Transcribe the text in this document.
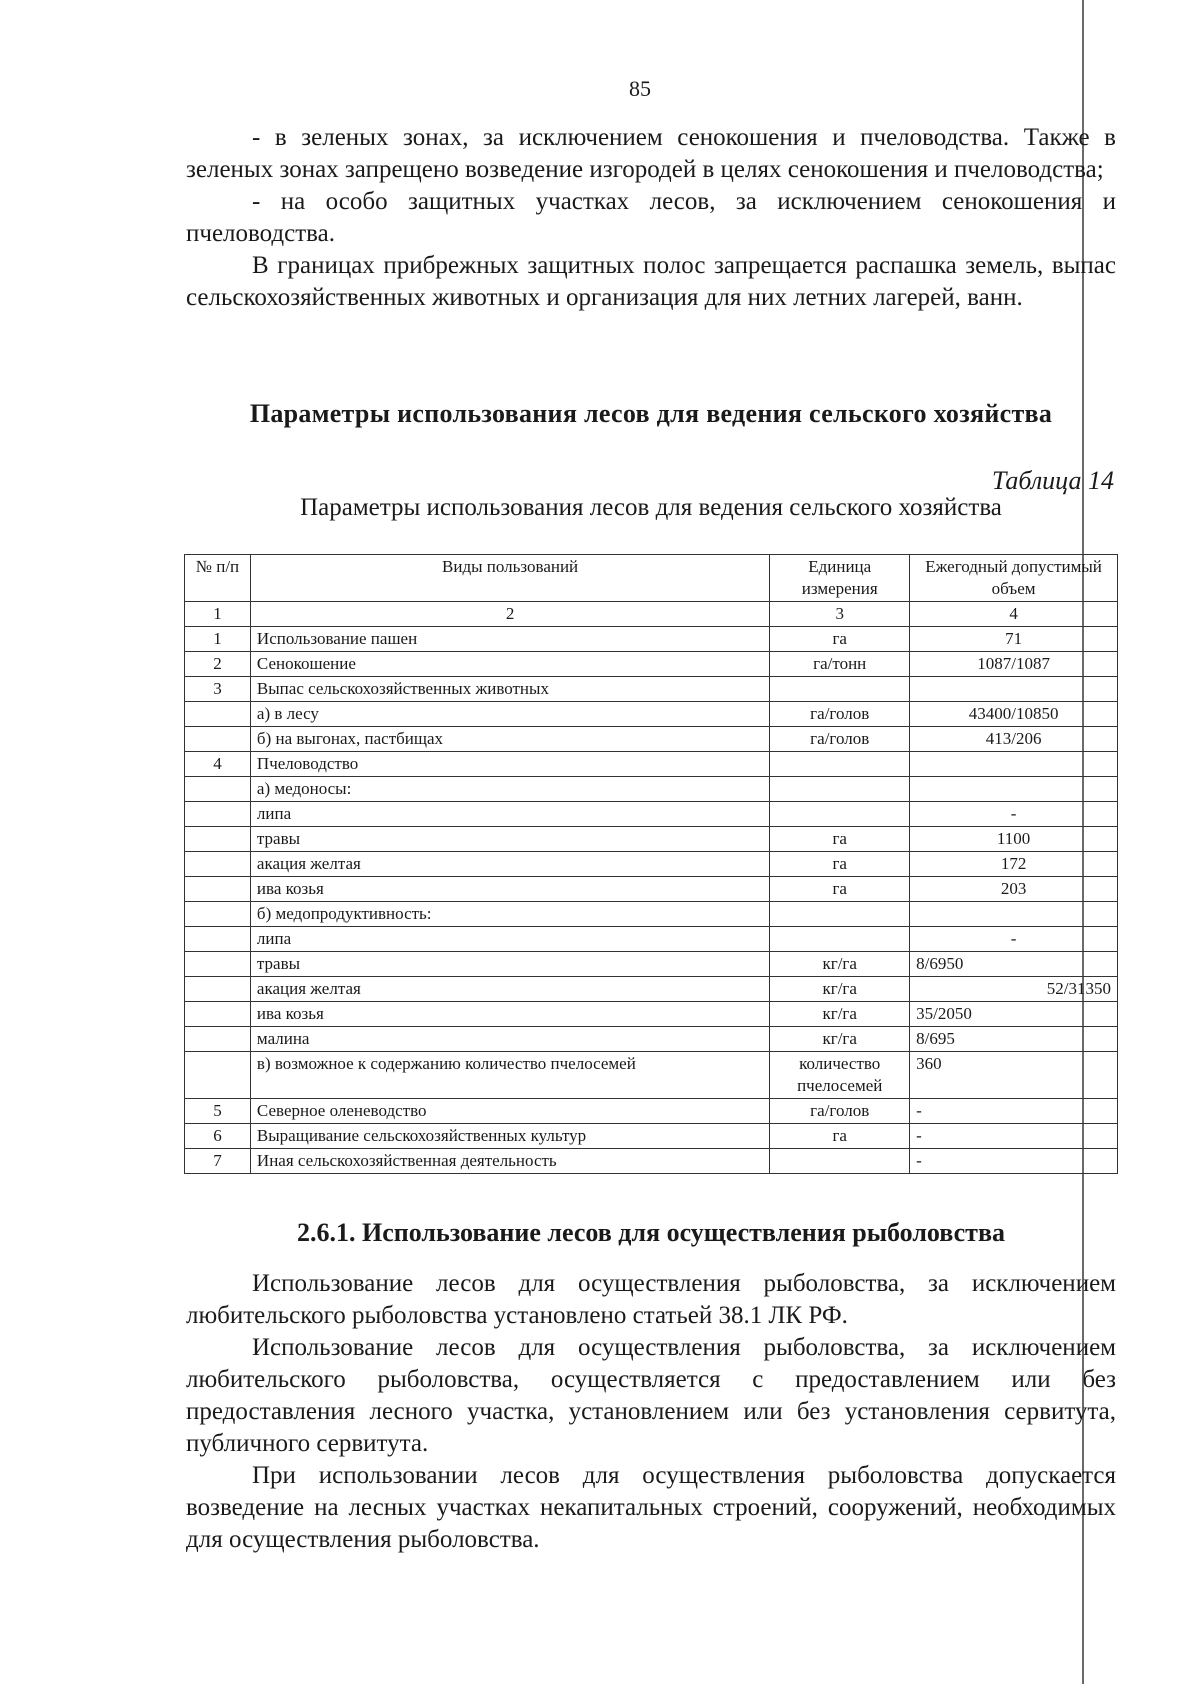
85

- в зеленых зонах, за исключением сенокошения и пчеловодства. Также в зеленых зонах запрещено возведение изгородей в целях сенокошения и пчеловодства;

- на особо защитных участках лесов, за исключением сенокошения и пчеловодства.

В границах прибрежных защитных полос запрещается распашка земель, выпас сельскохозяйственных животных и организация для них летних лагерей, ванн.

Параметры использования лесов для ведения сельского хозяйства
Таблица 14
Параметры использования лесов для ведения сельского хозяйства
№ п/п	Виды пользований	Единица измерения	Ежегодный допустимый объем
1	2	3	4
1	Использование пашен	га	71
2	Сенокошение	га/тонн	1087/1087
3	Выпас сельскохозяйственных животных		
	а) в лесу	га/голов	43400/10850
	б) на выгонах, пастбищах	га/голов	413/206
4	Пчеловодство		
	а) медоносы:		
	липа		-
	травы	га	1100
	акация желтая	га	172
	ива козья	га	203
	б) медопродуктивность:		
	липа		-
	травы	кг/га	8/6950
	акация желтая	кг/га	52/31350
	ива козья	кг/га	35/2050
	малина	кг/га	8/695
	в) возможное к содержанию количество пчелосемей	количество пчелосемей	360
5	Северное оленеводство	га/голов	-
6	Выращивание сельскохозяйственных культур	га	-
7	Иная сельскохозяйственная деятельность		-
2.6.1. Использование лесов для осуществления рыболовства

Использование лесов для осуществления рыболовства, за исключением любительского рыболовства установлено статьей 38.1 ЛК РФ.

Использование лесов для осуществления рыболовства, за исключением любительского рыболовства, осуществляется с предоставлением или без предоставления лесного участка, установлением или без установления сервитута, публичного сервитута.

При использовании лесов для осуществления рыболовства допускается возведение на лесных участках некапитальных строений, сооружений, необходимых для осуществления рыболовства.
